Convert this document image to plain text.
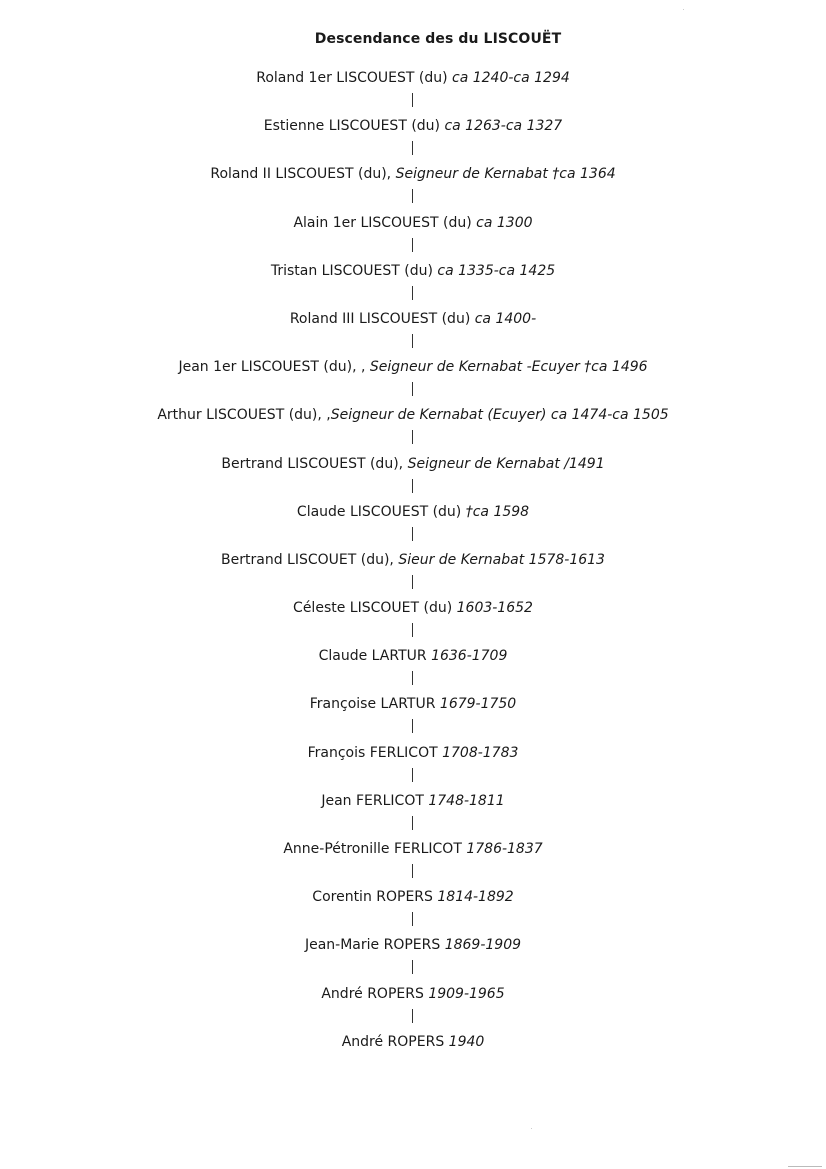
Descendance des du LISCOUËT
Roland 1er LISCOUEST (du) ca 1240-ca 1294
Estienne LISCOUEST (du) ca 1263-ca 1327
Roland II LISCOUEST (du), Seigneur de Kernabat †ca 1364
Alain 1er LISCOUEST (du) ca 1300
Tristan LISCOUEST (du) ca 1335-ca 1425
Roland III LISCOUEST (du) ca 1400-
Jean 1er LISCOUEST (du), , Seigneur de Kernabat -Ecuyer †ca 1496
Arthur LISCOUEST (du), ,Seigneur de Kernabat (Ecuyer) ca 1474-ca 1505
Bertrand LISCOUEST (du), Seigneur de Kernabat /1491
Claude LISCOUEST (du) †ca 1598
Bertrand LISCOUET (du), Sieur de Kernabat 1578-1613
Céleste LISCOUET (du) 1603-1652
Claude LARTUR 1636-1709
Françoise LARTUR 1679-1750
François FERLICOT 1708-1783
Jean FERLICOT 1748-1811
Anne-Pétronille FERLICOT 1786-1837
Corentin ROPERS 1814-1892
Jean-Marie ROPERS 1869-1909
André ROPERS 1909-1965
André ROPERS 1940
